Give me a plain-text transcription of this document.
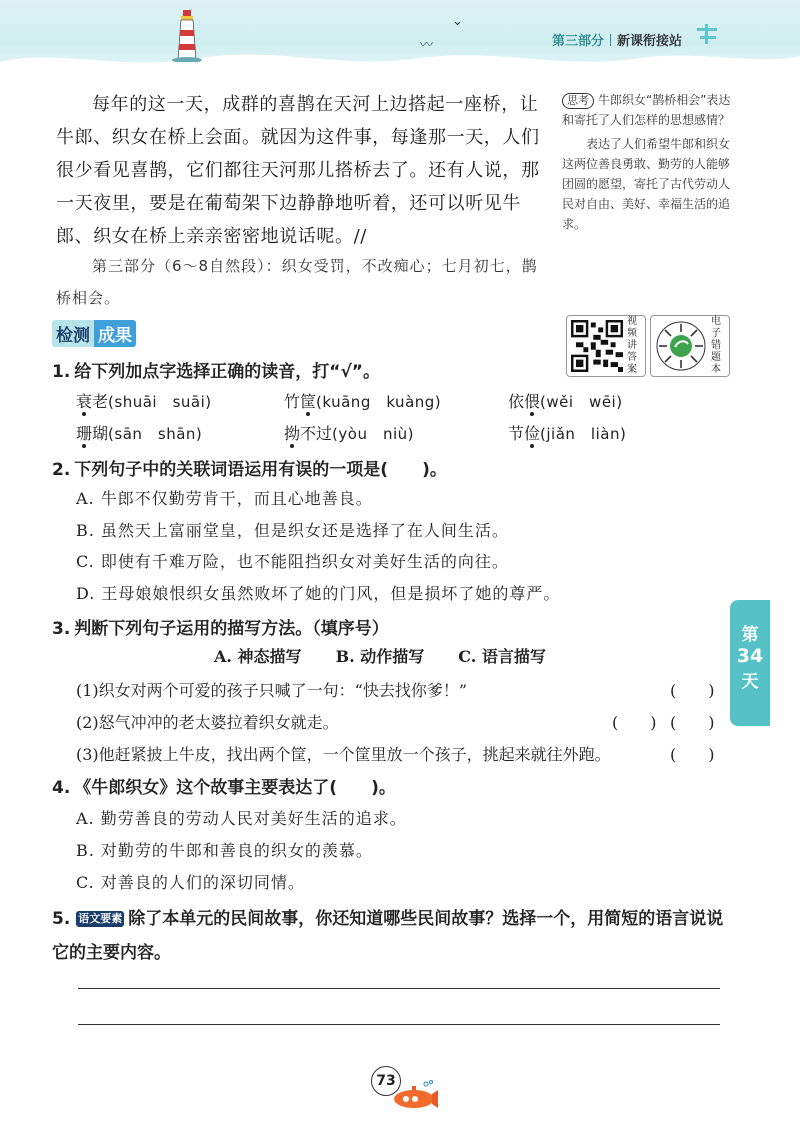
〰
⌄
第三部分 新课衔接站

每年的这一天，成群的喜鹊在天河上边搭起一座桥，让牛郎、织女在桥上会面。就因为这件事，每逢那一天，人们很少看见喜鹊，它们都往天河那儿搭桥去了。还有人说，那一天夜里，要是在葡萄架下边静静地听着，还可以听见牛郎、织女在桥上亲亲密密地说话呢。//

第三部分（6～8自然段）：织女受罚，不改痴心；七月初七，鹊桥相会。

思考 牛郎织女“鹊桥相会”表达和寄托了人们怎样的思想感情？
表达了人们希望牛郎和织女这两位善良勇敢、勤劳的人能够团圆的愿望，寄托了古代劳动人民对自由、美好、幸福生活的追求。
检测 成果
视频讲答案
电子错题本
1. 给下列加点字选择正确的读音，打“√”。
衰老(shuāi　suāi)	竹筐(kuāng　kuàng)	依偎(wěi　wēi)
珊瑚(sān　shān)	拗不过(yòu　niù)	节俭(jiǎn　liàn)
2. 下列句子中的关联词语运用有误的一项是(　　)。
A. 牛郎不仅勤劳肯干，而且心地善良。
B. 虽然天上富丽堂皇，但是织女还是选择了在人间生活。
C. 即使有千难万险，也不能阻挡织女对美好生活的向往。
D. 王母娘娘恨织女虽然败坏了她的门风，但是损坏了她的尊严。
3. 判断下列句子运用的描写方法。（填序号）
A. 神态描写 B. 动作描写 C. 语言描写
(1)织女对两个可爱的孩子只喊了一句：“快去找你爹！”	(　　)
(2)怒气冲冲的老太婆拉着织女就走。	(　　) (　　)
(3)他赶紧披上牛皮，找出两个筐，一个筐里放一个孩子，挑起来就往外跑。	(　　)
4. 《牛郎织女》这个故事主要表达了(　　)。
A. 勤劳善良的劳动人民对美好生活的追求。
B. 对勤劳的牛郎和善良的织女的羡慕。
C. 对善良的人们的深切同情。
5. 语文要素 除了本单元的民间故事，你还知道哪些民间故事？选择一个，用简短的语言说说它的主要内容。
第
34
天
73
